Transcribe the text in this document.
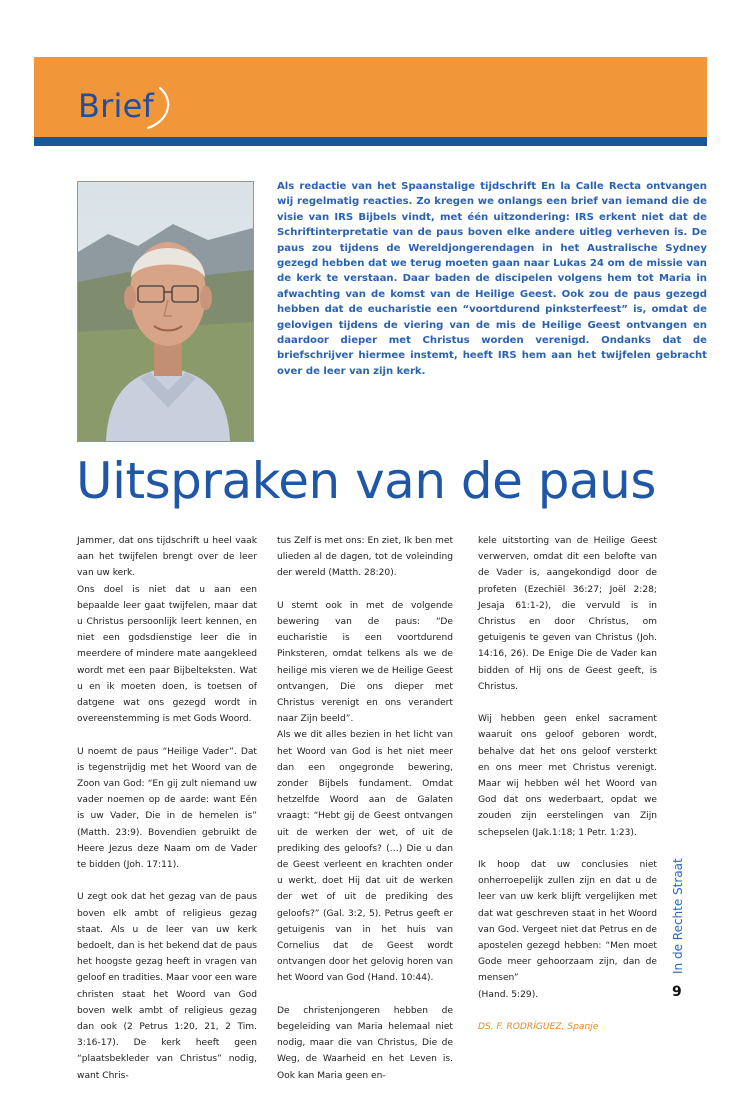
Brief

Als redactie van het Spaanstalige tijdschrift En la Calle Recta ontvangen wij regelmatig reacties. Zo kregen we onlangs een brief van iemand die de visie van IRS Bijbels vindt, met één uitzondering: IRS erkent niet dat de Schriftinterpretatie van de paus boven elke andere uitleg verheven is. De paus zou tijdens de Wereldjongerendagen in het Australische Sydney gezegd hebben dat we terug moeten gaan naar Lukas 24 om de missie van de kerk te verstaan. Daar baden de discipelen volgens hem tot Maria in afwachting van de komst van de Heilige Geest. Ook zou de paus gezegd hebben dat de eucharistie een “voortdurend pinksterfeest” is, omdat de gelovigen tijdens de viering van de mis de Heilige Geest ontvangen en daardoor dieper met Christus worden verenigd. Ondanks dat de briefschrijver hiermee instemt, heeft IRS hem aan het twijfelen gebracht over de leer van zijn kerk.

Uitspraken van de paus

Jammer, dat ons tijdschrift u heel vaak aan het twijfelen brengt over de leer van uw kerk.
Ons doel is niet dat u aan een bepaalde leer gaat twijfelen, maar dat u Christus persoonlijk leert kennen, en niet een godsdienstige leer die in meerdere of mindere mate aangekleed wordt met een paar Bijbelteksten. Wat u en ik moeten doen, is toetsen of datgene wat ons gezegd wordt in overeenstemming is met Gods Woord.

U noemt de paus “Heilige Vader”. Dat is tegenstrijdig met het Woord van de Zoon van God: “En gij zult niemand uw vader noemen op de aarde: want Eén is uw Vader, Die in de hemelen is” (Matth. 23:9). Bovendien gebruikt de Heere Jezus deze Naam om de Vader te bidden (Joh. 17:11).

U zegt ook dat het gezag van de paus boven elk ambt of religieus gezag staat. Als u de leer van uw kerk bedoelt, dan is het bekend dat de paus het hoogste gezag heeft in vragen van geloof en tradities. Maar voor een ware christen staat het Woord van God boven welk ambt of religieus gezag dan ook (2 Petrus 1:20, 21, 2 Tim. 3:16-17). De kerk heeft geen “plaatsbekleder van Christus” nodig, want Chris-

tus Zelf is met ons: En ziet, Ik ben met ulieden al de dagen, tot de voleinding der wereld (Matth. 28:20).

U stemt ook in met de volgende bewering van de paus: “De eucharistie is een voortdurend Pinksteren, omdat telkens als we de heilige mis vieren we de Heilige Geest ontvangen, Die ons dieper met Christus verenigt en ons verandert naar Zijn beeld”.
Als we dit alles bezien in het licht van het Woord van God is het niet meer dan een ongegronde bewering, zonder Bijbels fundament. Omdat hetzelfde Woord aan de Galaten vraagt: “Hebt gij de Geest ontvangen uit de werken der wet, of uit de prediking des geloofs? (…) Die u dan de Geest verleent en krachten onder u werkt, doet Hij dat uit de werken der wet of uit de prediking des geloofs?” (Gal. 3:2, 5). Petrus geeft er getuigenis van in het huis van Cornelius dat de Geest wordt ontvangen door het gelovig horen van het Woord van God (Hand. 10:44).

De christenjongeren hebben de begeleiding van Maria helemaal niet nodig, maar die van Christus, Die de Weg, de Waarheid en het Leven is. Ook kan Maria geen en-

kele uitstorting van de Heilige Geest verwerven, omdat dit een belofte van de Vader is, aangekondigd door de profeten (Ezechiël 36:27; Joël 2:28; Jesaja 61:1-2), die vervuld is in Christus en door Christus, om getuigenis te geven van Christus (Joh. 14:16, 26). De Enige Die de Vader kan bidden of Hij ons de Geest geeft, is Christus.

Wij hebben geen enkel sacrament waaruit ons geloof geboren wordt, behalve dat het ons geloof versterkt en ons meer met Christus verenigt. Maar wij hebben wél het Woord van God dat ons wederbaart, opdat we zouden zijn eerstelingen van Zijn schepselen (Jak.1:18; 1 Petr. 1:23).

Ik hoop dat uw conclusies niet onherroepelijk zullen zijn en dat u de leer van uw kerk blijft vergelijken met dat wat geschreven staat in het Woord van God. Vergeet niet dat Petrus en de apostelen gezegd hebben: “Men moet Gode meer gehoorzaam zijn, dan de mensen”
(Hand. 5:29).

DS. F. RODRÍGUEZ, Spanje
In de Rechte Straat
9
